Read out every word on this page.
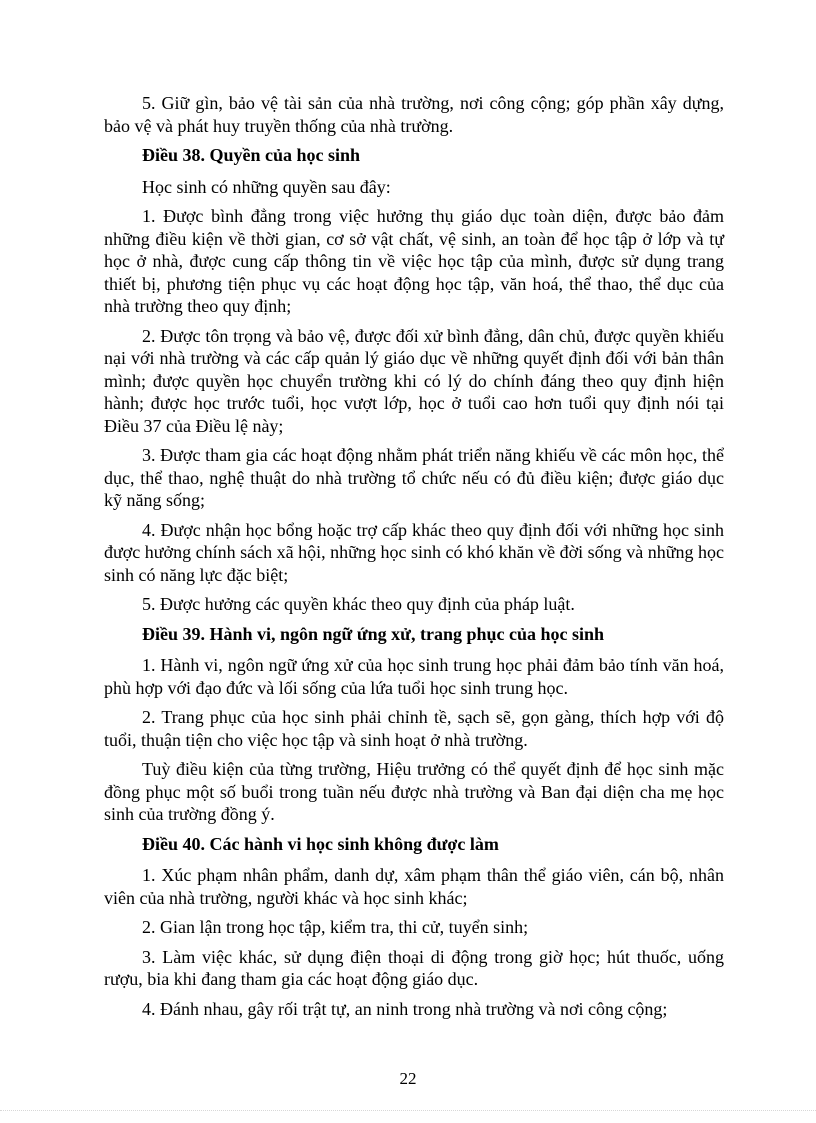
5. Giữ gìn, bảo vệ tài sản của nhà trường, nơi công cộng; góp phần xây dựng, bảo vệ và phát huy truyền thống của nhà trường.

Điều 38. Quyền của học sinh

Học sinh có những quyền sau đây:

1. Được bình đẳng trong việc hưởng thụ giáo dục toàn diện, được bảo đảm những điều kiện về thời gian, cơ sở vật chất, vệ sinh, an toàn để học tập ở lớp và tự học ở nhà, được cung cấp thông tin về việc học tập của mình, được sử dụng trang thiết bị, phương tiện phục vụ các hoạt động học tập, văn hoá, thể thao, thể dục của nhà trường theo quy định;

2. Được tôn trọng và bảo vệ, được đối xử bình đẳng, dân chủ, được quyền khiếu nại với nhà trường và các cấp quản lý giáo dục về những quyết định đối với bản thân mình; được quyền học chuyển trường khi có lý do chính đáng theo quy định hiện hành; được học trước tuổi, học vượt lớp, học ở tuổi cao hơn tuổi quy định nói tại Điều 37 của Điều lệ này;

3. Được tham gia các hoạt động nhằm phát triển năng khiếu về các môn học, thể dục, thể thao, nghệ thuật do nhà trường tổ chức nếu có đủ điều kiện; được giáo dục kỹ năng sống;

4. Được nhận học bổng hoặc trợ cấp khác theo quy định đối với những học sinh được hưởng chính sách xã hội, những học sinh có khó khăn về đời sống và những học sinh có năng lực đặc biệt;

5. Được hưởng các quyền khác theo quy định của pháp luật.

Điều 39. Hành vi, ngôn ngữ ứng xử, trang phục của học sinh

1. Hành vi, ngôn ngữ ứng xử của học sinh trung học phải đảm bảo tính văn hoá, phù hợp với đạo đức và lối sống của lứa tuổi học sinh trung học.

2. Trang phục của học sinh phải chỉnh tề, sạch sẽ, gọn gàng, thích hợp với độ tuổi, thuận tiện cho việc học tập và sinh hoạt ở nhà trường.

Tuỳ điều kiện của từng trường, Hiệu trưởng có thể quyết định để học sinh mặc đồng phục một số buổi trong tuần nếu được nhà trường và Ban đại diện cha mẹ học sinh của trường đồng ý.

Điều 40. Các hành vi học sinh không được làm

1. Xúc phạm nhân phẩm, danh dự, xâm phạm thân thể giáo viên, cán bộ, nhân viên của nhà trường, người khác và học sinh khác;

2. Gian lận trong học tập, kiểm tra, thi cử, tuyển sinh;

3. Làm việc khác, sử dụng điện thoại di động trong giờ học; hút thuốc, uống rượu, bia khi đang tham gia các hoạt động giáo dục.

4. Đánh nhau, gây rối trật tự, an ninh trong nhà trường và nơi công cộng;

22
